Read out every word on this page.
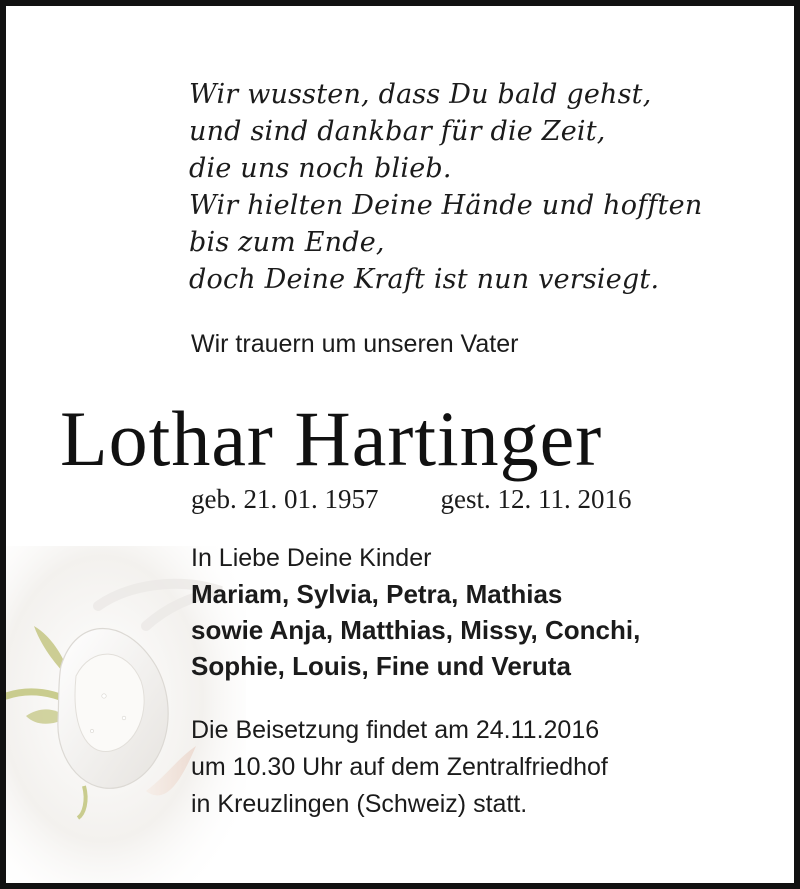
Wir wussten, dass Du bald gehst,
und sind dankbar für die Zeit,
die uns noch blieb.
Wir hielten Deine Hände und hofften
bis zum Ende,
doch Deine Kraft ist nun versiegt.
Wir trauern um unseren Vater
Lothar Hartinger
geb. 21. 01. 1957 gest. 12. 11. 2016
In Liebe Deine Kinder
Mariam, Sylvia, Petra, Mathias
sowie Anja, Matthias, Missy, Conchi,
Sophie, Louis, Fine und Veruta
Die Beisetzung findet am 24.11.2016
um 10.30 Uhr auf dem Zentralfriedhof
in Kreuzlingen (Schweiz) statt.
